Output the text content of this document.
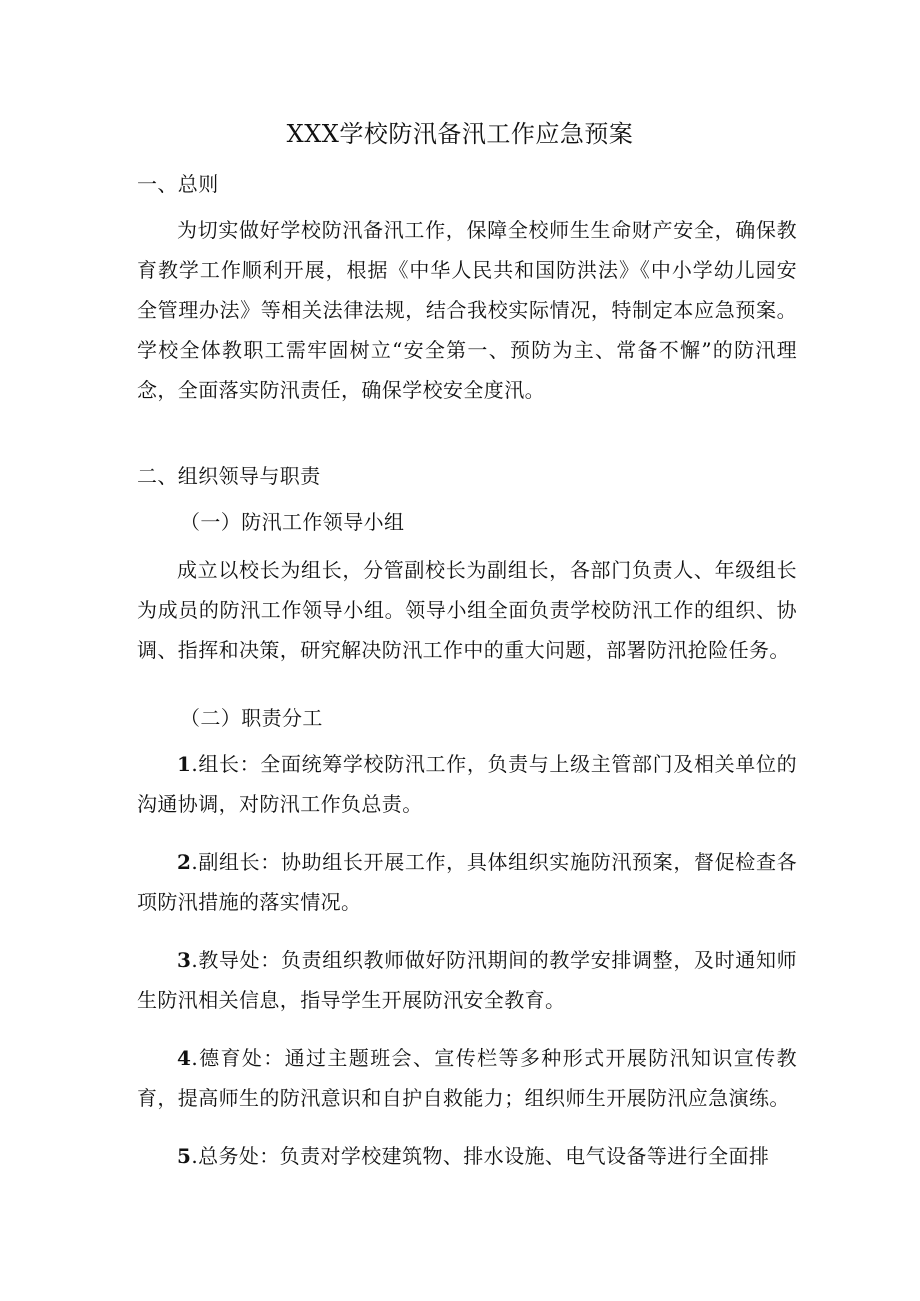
XXX学校防汛备汛工作应急预案
一、总则
为切实做好学校防汛备汛工作，保障全校师生生命财产安全，确保教育教学工作顺利开展，根据《中华人民共和国防洪法》《中小学幼儿园安全管理办法》等相关法律法规，结合我校实际情况，特制定本应急预案。学校全体教职工需牢固树立“安全第一、预防为主、常备不懈”的防汛理念，全面落实防汛责任，确保学校安全度汛。
二、组织领导与职责
（一）防汛工作领导小组
成立以校长为组长，分管副校长为副组长，各部门负责人、年级组长为成员的防汛工作领导小组。领导小组全面负责学校防汛工作的组织、协调、指挥和决策，研究解决防汛工作中的重大问题，部署防汛抢险任务。
（二）职责分工
1.组长：全面统筹学校防汛工作，负责与上级主管部门及相关单位的沟通协调，对防汛工作负总责。
2.副组长：协助组长开展工作，具体组织实施防汛预案，督促检查各项防汛措施的落实情况。
3.教导处：负责组织教师做好防汛期间的教学安排调整，及时通知师生防汛相关信息，指导学生开展防汛安全教育。
4.德育处：通过主题班会、宣传栏等多种形式开展防汛知识宣传教育，提高师生的防汛意识和自护自救能力；组织师生开展防汛应急演练。
5.总务处：负责对学校建筑物、排水设施、电气设备等进行全面排
